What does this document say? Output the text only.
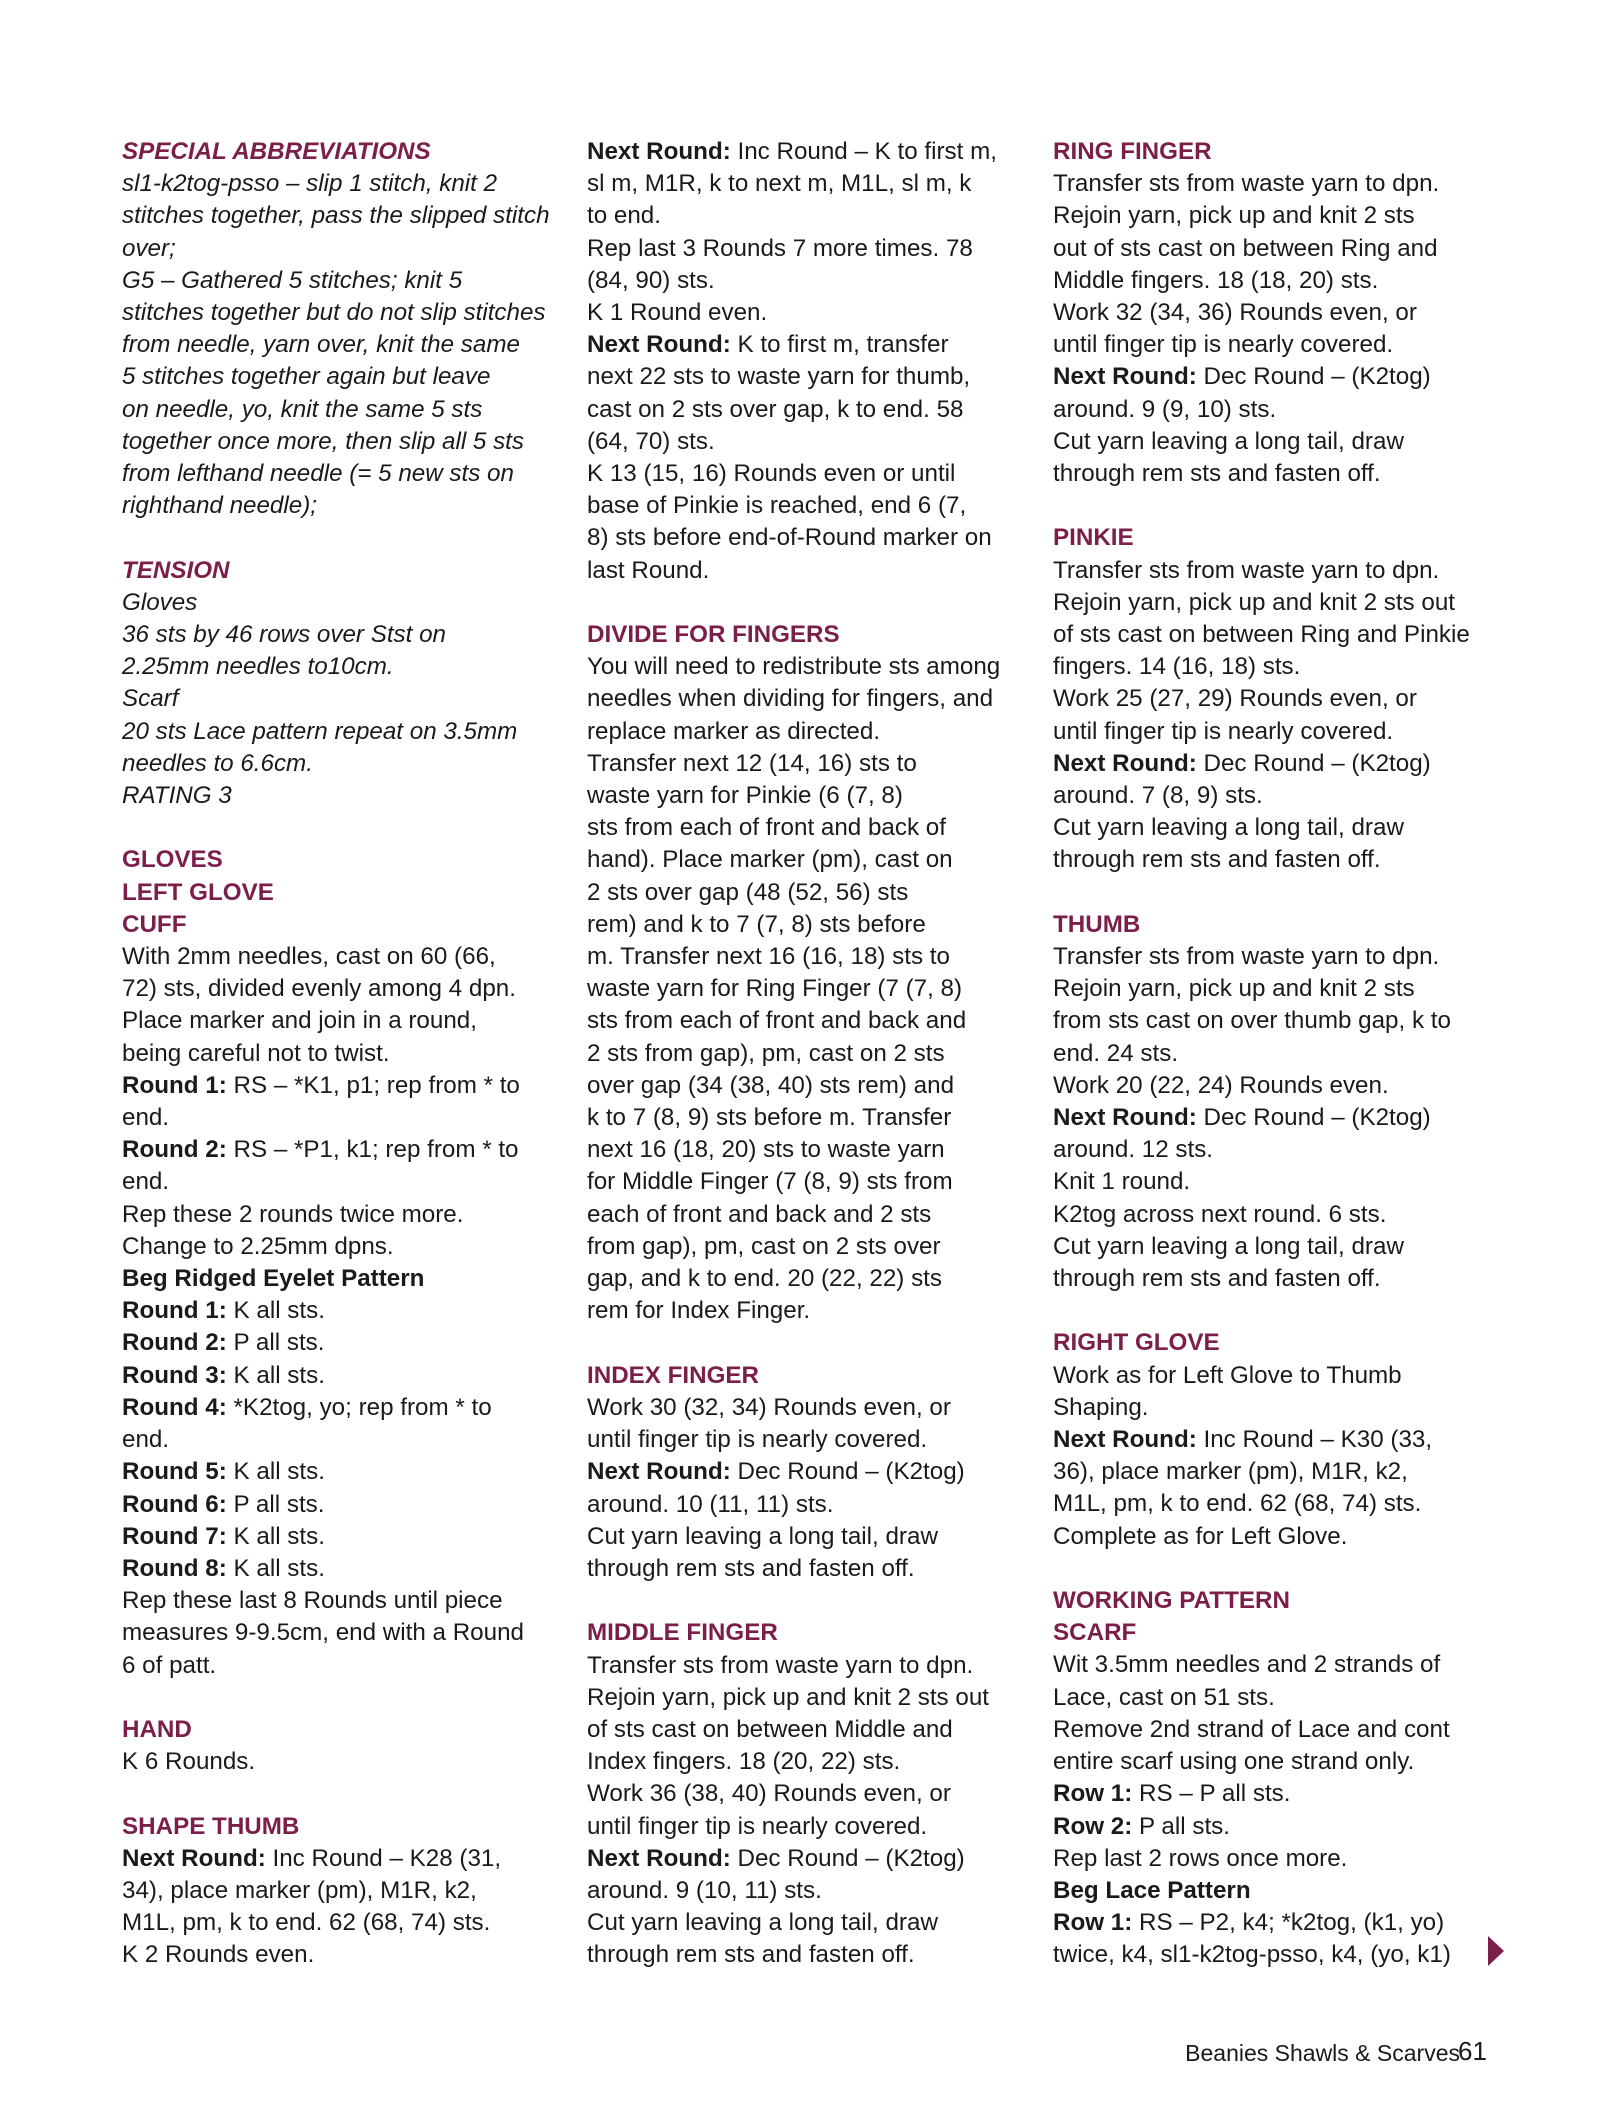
SPECIAL ABBREVIATIONS
sl1-k2tog-psso – slip 1 stitch, knit 2
stitches together, pass the slipped stitch
over;
G5 – Gathered 5 stitches; knit 5
stitches together but do not slip stitches
from needle, yarn over, knit the same
5 stitches together again but leave
on needle, yo, knit the same 5 sts
together once more, then slip all 5 sts
from lefthand needle (= 5 new sts on
righthand needle);
TENSION
Gloves
36 sts by 46 rows over Stst on
2.25mm needles to10cm.
Scarf
20 sts Lace pattern repeat on 3.5mm
needles to 6.6cm.
RATING 3
GLOVES
LEFT GLOVE
CUFF
With 2mm needles, cast on 60 (66,
72) sts, divided evenly among 4 dpn.
Place marker and join in a round,
being careful not to twist.
Round 1: RS – *K1, p1; rep from * to
end.
Round 2: RS – *P1, k1; rep from * to
end.
Rep these 2 rounds twice more.
Change to 2.25mm dpns.
Beg Ridged Eyelet Pattern
Round 1: K all sts.
Round 2: P all sts.
Round 3: K all sts.
Round 4: *K2tog, yo; rep from * to
end.
Round 5: K all sts.
Round 6: P all sts.
Round 7: K all sts.
Round 8: K all sts.
Rep these last 8 Rounds until piece
measures 9-9.5cm, end with a Round
6 of patt.
HAND
K 6 Rounds.
SHAPE THUMB
Next Round: Inc Round – K28 (31,
34), place marker (pm), M1R, k2,
M1L, pm, k to end. 62 (68, 74) sts.
K 2 Rounds even.
Next Round: Inc Round – K to first m,
sl m, M1R, k to next m, M1L, sl m, k
to end.
Rep last 3 Rounds 7 more times. 78
(84, 90) sts.
K 1 Round even.
Next Round: K to first m, transfer
next 22 sts to waste yarn for thumb,
cast on 2 sts over gap, k to end. 58
(64, 70) sts.
K 13 (15, 16) Rounds even or until
base of Pinkie is reached, end 6 (7,
8) sts before end-of-Round marker on
last Round.
DIVIDE FOR FINGERS
You will need to redistribute sts among
needles when dividing for fingers, and
replace marker as directed.
Transfer next 12 (14, 16) sts to
waste yarn for Pinkie (6 (7, 8)
sts from each of front and back of
hand). Place marker (pm), cast on
2 sts over gap (48 (52, 56) sts
rem) and k to 7 (7, 8) sts before
m. Transfer next 16 (16, 18) sts to
waste yarn for Ring Finger (7 (7, 8)
sts from each of front and back and
2 sts from gap), pm, cast on 2 sts
over gap (34 (38, 40) sts rem) and
k to 7 (8, 9) sts before m. Transfer
next 16 (18, 20) sts to waste yarn
for Middle Finger (7 (8, 9) sts from
each of front and back and 2 sts
from gap), pm, cast on 2 sts over
gap, and k to end. 20 (22, 22) sts
rem for Index Finger.
INDEX FINGER
Work 30 (32, 34) Rounds even, or
until finger tip is nearly covered.
Next Round: Dec Round – (K2tog)
around. 10 (11, 11) sts.
Cut yarn leaving a long tail, draw
through rem sts and fasten off.
MIDDLE FINGER
Transfer sts from waste yarn to dpn.
Rejoin yarn, pick up and knit 2 sts out
of sts cast on between Middle and
Index fingers. 18 (20, 22) sts.
Work 36 (38, 40) Rounds even, or
until finger tip is nearly covered.
Next Round: Dec Round – (K2tog)
around. 9 (10, 11) sts.
Cut yarn leaving a long tail, draw
through rem sts and fasten off.
RING FINGER
Transfer sts from waste yarn to dpn.
Rejoin yarn, pick up and knit 2 sts
out of sts cast on between Ring and
Middle fingers. 18 (18, 20) sts.
Work 32 (34, 36) Rounds even, or
until finger tip is nearly covered.
Next Round: Dec Round – (K2tog)
around. 9 (9, 10) sts.
Cut yarn leaving a long tail, draw
through rem sts and fasten off.
PINKIE
Transfer sts from waste yarn to dpn.
Rejoin yarn, pick up and knit 2 sts out
of sts cast on between Ring and Pinkie
fingers. 14 (16, 18) sts.
Work 25 (27, 29) Rounds even, or
until finger tip is nearly covered.
Next Round: Dec Round – (K2tog)
around. 7 (8, 9) sts.
Cut yarn leaving a long tail, draw
through rem sts and fasten off.
THUMB
Transfer sts from waste yarn to dpn.
Rejoin yarn, pick up and knit 2 sts
from sts cast on over thumb gap, k to
end. 24 sts.
Work 20 (22, 24) Rounds even.
Next Round: Dec Round – (K2tog)
around. 12 sts.
Knit 1 round.
K2tog across next round. 6 sts.
Cut yarn leaving a long tail, draw
through rem sts and fasten off.
RIGHT GLOVE
Work as for Left Glove to Thumb
Shaping.
Next Round: Inc Round – K30 (33,
36), place marker (pm), M1R, k2,
M1L, pm, k to end. 62 (68, 74) sts.
Complete as for Left Glove.
WORKING PATTERN
SCARF
Wit 3.5mm needles and 2 strands of
Lace, cast on 51 sts.
Remove 2nd strand of Lace and cont
entire scarf using one strand only.
Row 1: RS – P all sts.
Row 2: P all sts.
Rep last 2 rows once more.
Beg Lace Pattern
Row 1: RS – P2, k4; *k2tog, (k1, yo)
twice, k4, sl1-k2tog-psso, k4, (yo, k1)
Beanies Shawls & Scarves
61
